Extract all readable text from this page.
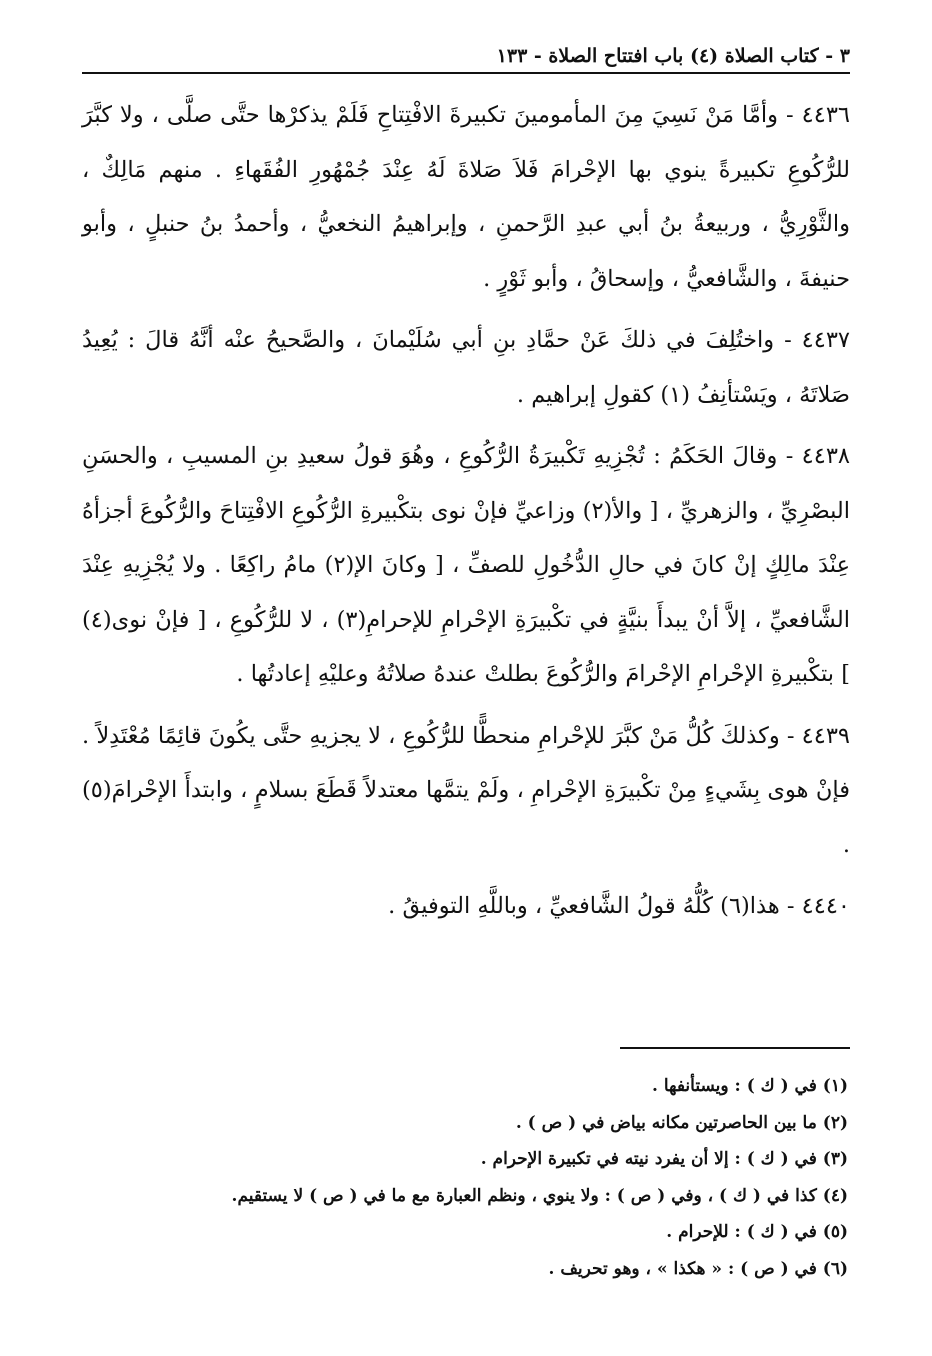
٣ - كتاب الصلاة (٤) باب افتتاح الصلاة - ١٣٣

٤٤٣٦ - وأمَّا مَنْ نَسِيَ مِنَ المأمومينَ تكبيرةَ الافْتِتاحِ فَلَمْ يذكرْها حتَّى صلَّى ، ولا كبَّرَ للرُّكُوعِ تكبيرةً ينوي بها الإحْرامَ فَلاَ صَلاةَ لَهُ عِنْدَ جُمْهُورِ الفُقَهاءِ . منهم مَالِكٌ ، والثَّوْرِيُّ ، وربيعةُ بنُ أبي عبدِ الرَّحمنِ ، وإبراهيمُ النخعيُّ ، وأحمدُ بنُ حنبلٍ ، وأبو حنيفةَ ، والشَّافعيُّ ، وإسحاقُ ، وأبو ثَوْرٍ .

٤٤٣٧ - واختُلِفَ في ذلكَ عَنْ حمَّادِ بنِ أبي سُلَيْمانَ ، والصَّحيحُ عنْه أنَّهُ قالَ : يُعِيدُ صَلاتَهُ ، ويَسْتأنِفُ (١) كقولِ إبراهيم .

٤٤٣٨ - وقالَ الحَكَمُ : تُجْزِيهِ تَكْبيرَةُ الرُّكُوعِ ، وهُوَ قولُ سعيدِ بنِ المسيبِ ، والحسَنِ البصْرِيِّ ، والزهريِّ ، [ والأ(٢) وزاعيِّ فإنْ نوى بتكْبيرةِ الرُّكُوعِ الافْتِتاحَ والرُّكُوعَ أجزأهُ عِنْدَ مالِكٍ إنْ كانَ في حالِ الدُّخُولِ للصفِّ ، [ وكانَ الإ(٢) مامُ راكِعًا . ولا يُجْزِيهِ عِنْدَ الشَّافعيِّ ، إلاَّ أنْ يبدأَ بنيَّةٍ في تكْبيرَةِ الإحْرامِ للإحرامِ(٣) ، لا للرُّكُوعِ ، [ فإنْ نوى(٤) ] بتكْبيرةِ الإحْرامِ الإحْرامَ والرُّكُوعَ بطلتْ عندهُ صلاتُهُ وعليْهِ إعادتُها .

٤٤٣٩ - وكذلكَ كُلُّ مَنْ كبَّرَ للإحْرامِ منحطًّا للرُّكُوعِ ، لا يجزيهِ حتَّى يكُونَ قائِمًا مُعْتَدِلاً . فإنْ هوى بِشَيءٍ مِنْ تكْبيرَةِ الإحْرامِ ، ولَمْ يتمَّها معتدلاً قَطَعَ بسلامٍ ، وابتدأَ الإحْرامَ(٥) .

٤٤٤٠ - هذا(٦) كُلُّهُ قولُ الشَّافعيِّ ، وباللَّهِ التوفيقُ .

(١) في ( ك ) : ويستأنفها .

(٢) ما بين الحاصرتين مكانه بياض في ( ص ) .

(٣) في ( ك ) : إلا أن يفرد نيته في تكبيرة الإحرام .

(٤) كذا في ( ك ) ، وفي ( ص ) : ولا ينوي ، ونظم العبارة مع ما في ( ص ) لا يستقيم.

(٥) في ( ك ) : للإحرام .

(٦) في ( ص ) : « هكذا » ، وهو تحريف .
